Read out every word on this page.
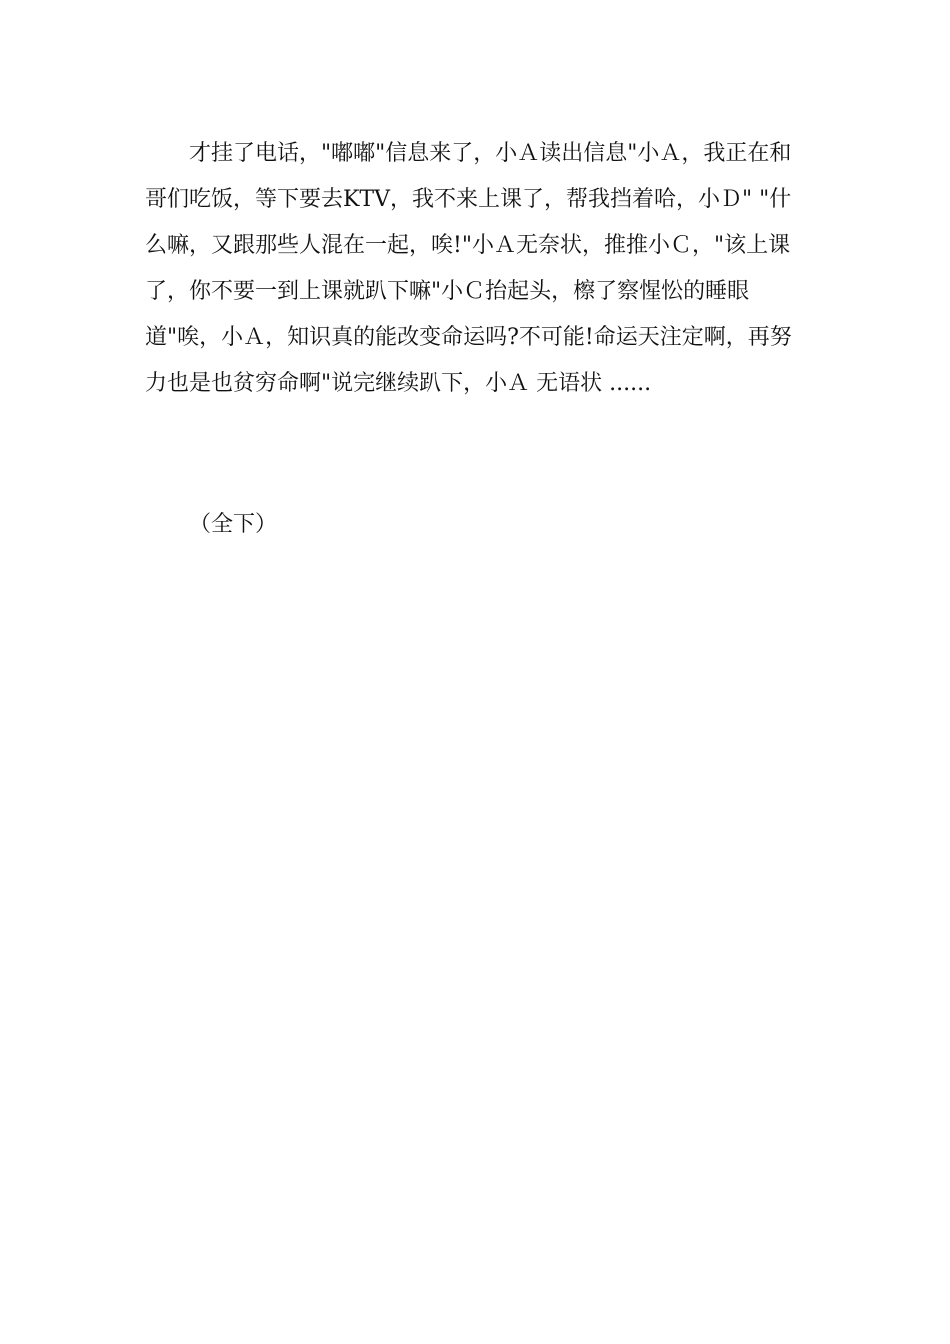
才挂了电话，"嘟嘟"信息来了，小Ａ读出信息"小Ａ，我正在和
哥们吃饭，等下要去KTV，我不来上课了，帮我挡着哈，小Ｄ" "什
么嘛，又跟那些人混在一起，唉!"小Ａ无奈状，推推小Ｃ，"该上课
了，你不要一到上课就趴下嘛"小Ｃ抬起头，檫了察惺忪的睡眼
道"唉，小Ａ，知识真的能改变命运吗?不可能!命运天注定啊，再努
力也是也贫穷命啊"说完继续趴下，小Ａ 无语状 ......
（全下）
